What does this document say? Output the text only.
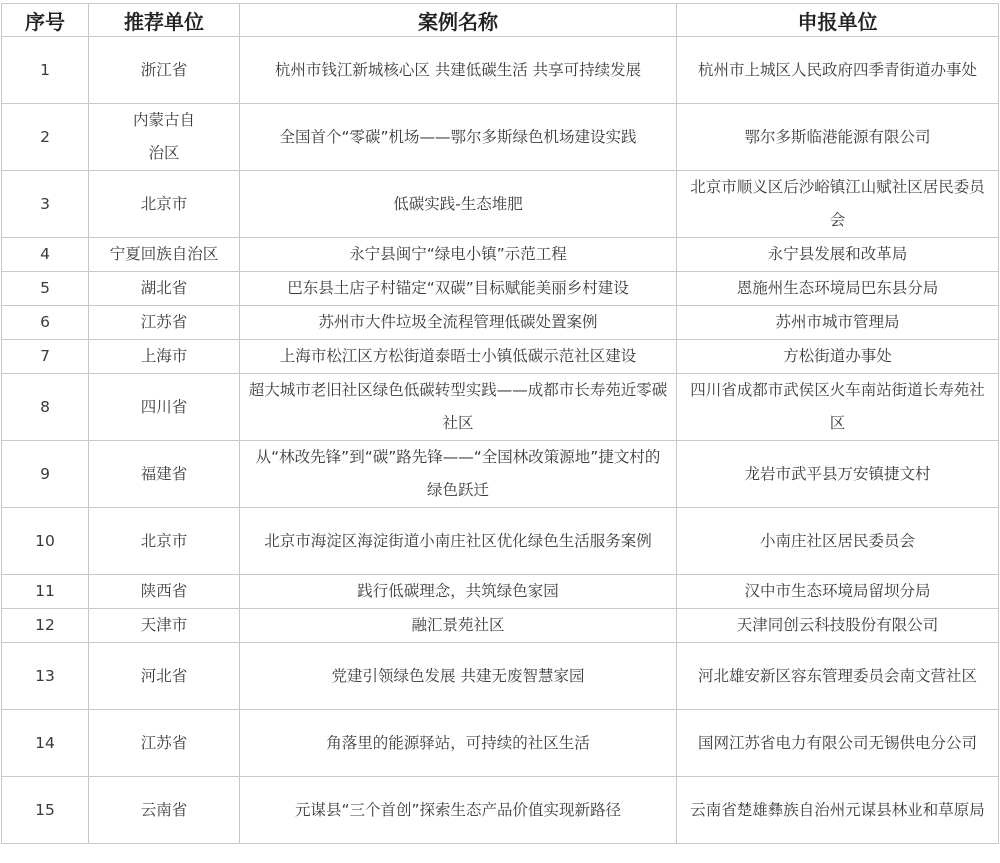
序号	推荐单位	案例名称	申报单位
1	浙江省	杭州市钱江新城核心区 共建低碳生活 共享可持续发展	杭州市上城区人民政府四季青街道办事处
2	内蒙古自治区	全国首个“零碳”机场——鄂尔多斯绿色机场建设实践	鄂尔多斯临港能源有限公司
3	北京市	低碳实践-生态堆肥	北京市顺义区后沙峪镇江山赋社区居民委员会
4	宁夏回族自治区	永宁县闽宁“绿电小镇”示范工程	永宁县发展和改革局
5	湖北省	巴东县土店子村锚定“双碳”目标赋能美丽乡村建设	恩施州生态环境局巴东县分局
6	江苏省	苏州市大件垃圾全流程管理低碳处置案例	苏州市城市管理局
7	上海市	上海市松江区方松街道泰晤士小镇低碳示范社区建设	方松街道办事处
8	四川省	超大城市老旧社区绿色低碳转型实践——成都市长寿苑近零碳社区	四川省成都市武侯区火车南站街道长寿苑社区
9	福建省	从“林改先锋”到“碳”路先锋——“全国林改策源地”捷文村的绿色跃迁	龙岩市武平县万安镇捷文村
10	北京市	北京市海淀区海淀街道小南庄社区优化绿色生活服务案例	小南庄社区居民委员会
11	陕西省	践行低碳理念，共筑绿色家园	汉中市生态环境局留坝分局
12	天津市	融汇景苑社区	天津同创云科技股份有限公司
13	河北省	党建引领绿色发展 共建无废智慧家园	河北雄安新区容东管理委员会南文营社区
14	江苏省	角落里的能源驿站，可持续的社区生活	国网江苏省电力有限公司无锡供电分公司
15	云南省	元谋县“三个首创”探索生态产品价值实现新路径	云南省楚雄彝族自治州元谋县林业和草原局
